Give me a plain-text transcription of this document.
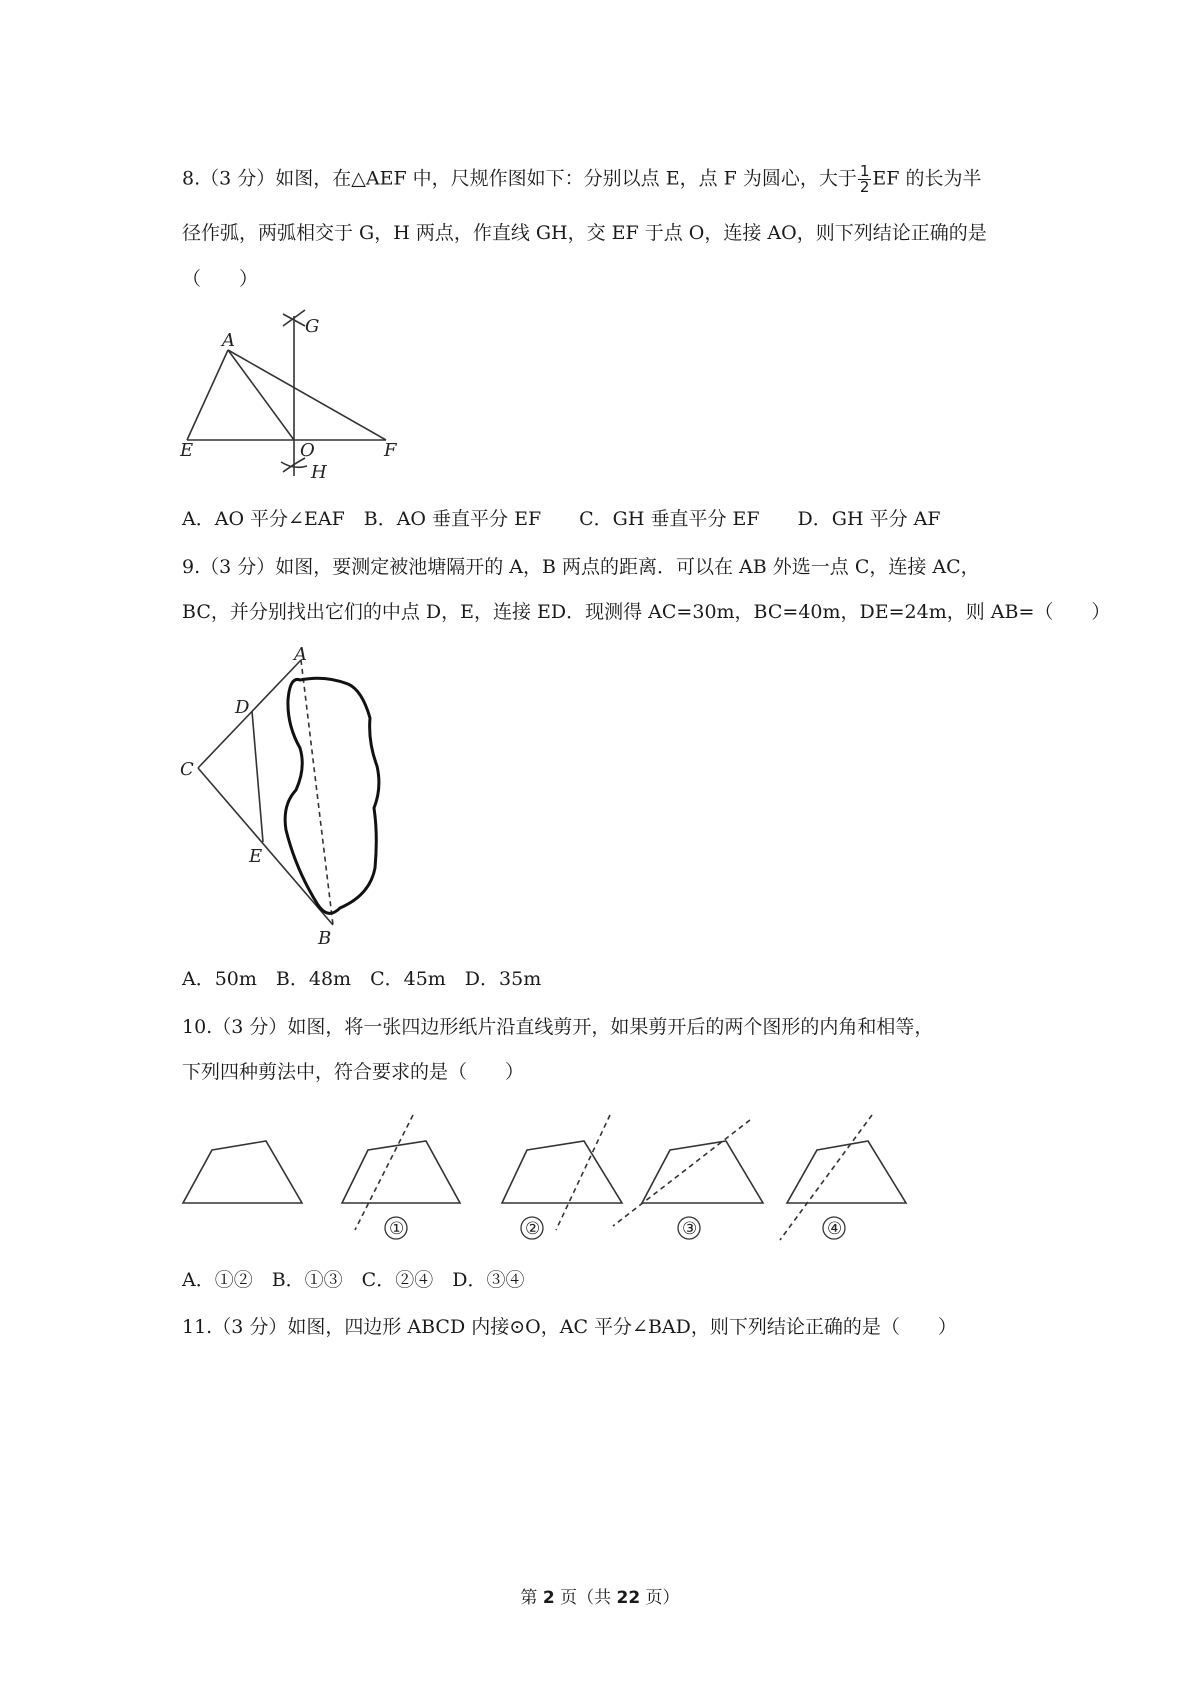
8.（3 分）如图，在△AEF 中，尺规作图如下：分别以点 E，点 F 为圆心，大于 $\frac{1}{2}$ EF 的长为半
径作弧，两弧相交于 G，H 两点，作直线 GH，交 EF 于点 O，连接 AO，则下列结论正确的是
（　　）
A
G
E	O	F
H
A．AO 平分∠EAF　B．AO 垂直平分 EF　　C．GH 垂直平分 EF　　D．GH 平分 AF
9.（3 分）如图，要测定被池塘隔开的 A，B 两点的距离．可以在 AB 外选一点 C，连接 AC，
BC，并分别找出它们的中点 D，E，连接 ED．现测得 AC=30m，BC=40m，DE=24m，则 AB=（　　）
A
D
C
E
B
A．50m　B．48m　C．45m　D．35m
10.（3 分）如图，将一张四边形纸片沿直线剪开，如果剪开后的两个图形的内角和相等，
下列四种剪法中，符合要求的是（　　）
①	②	③	④
A．①②　B．①③　C．②④　D．③④
11.（3 分）如图，四边形 ABCD 内接⊙O，AC 平分∠BAD，则下列结论正确的是（　　）
第 2 页（共 22 页）
